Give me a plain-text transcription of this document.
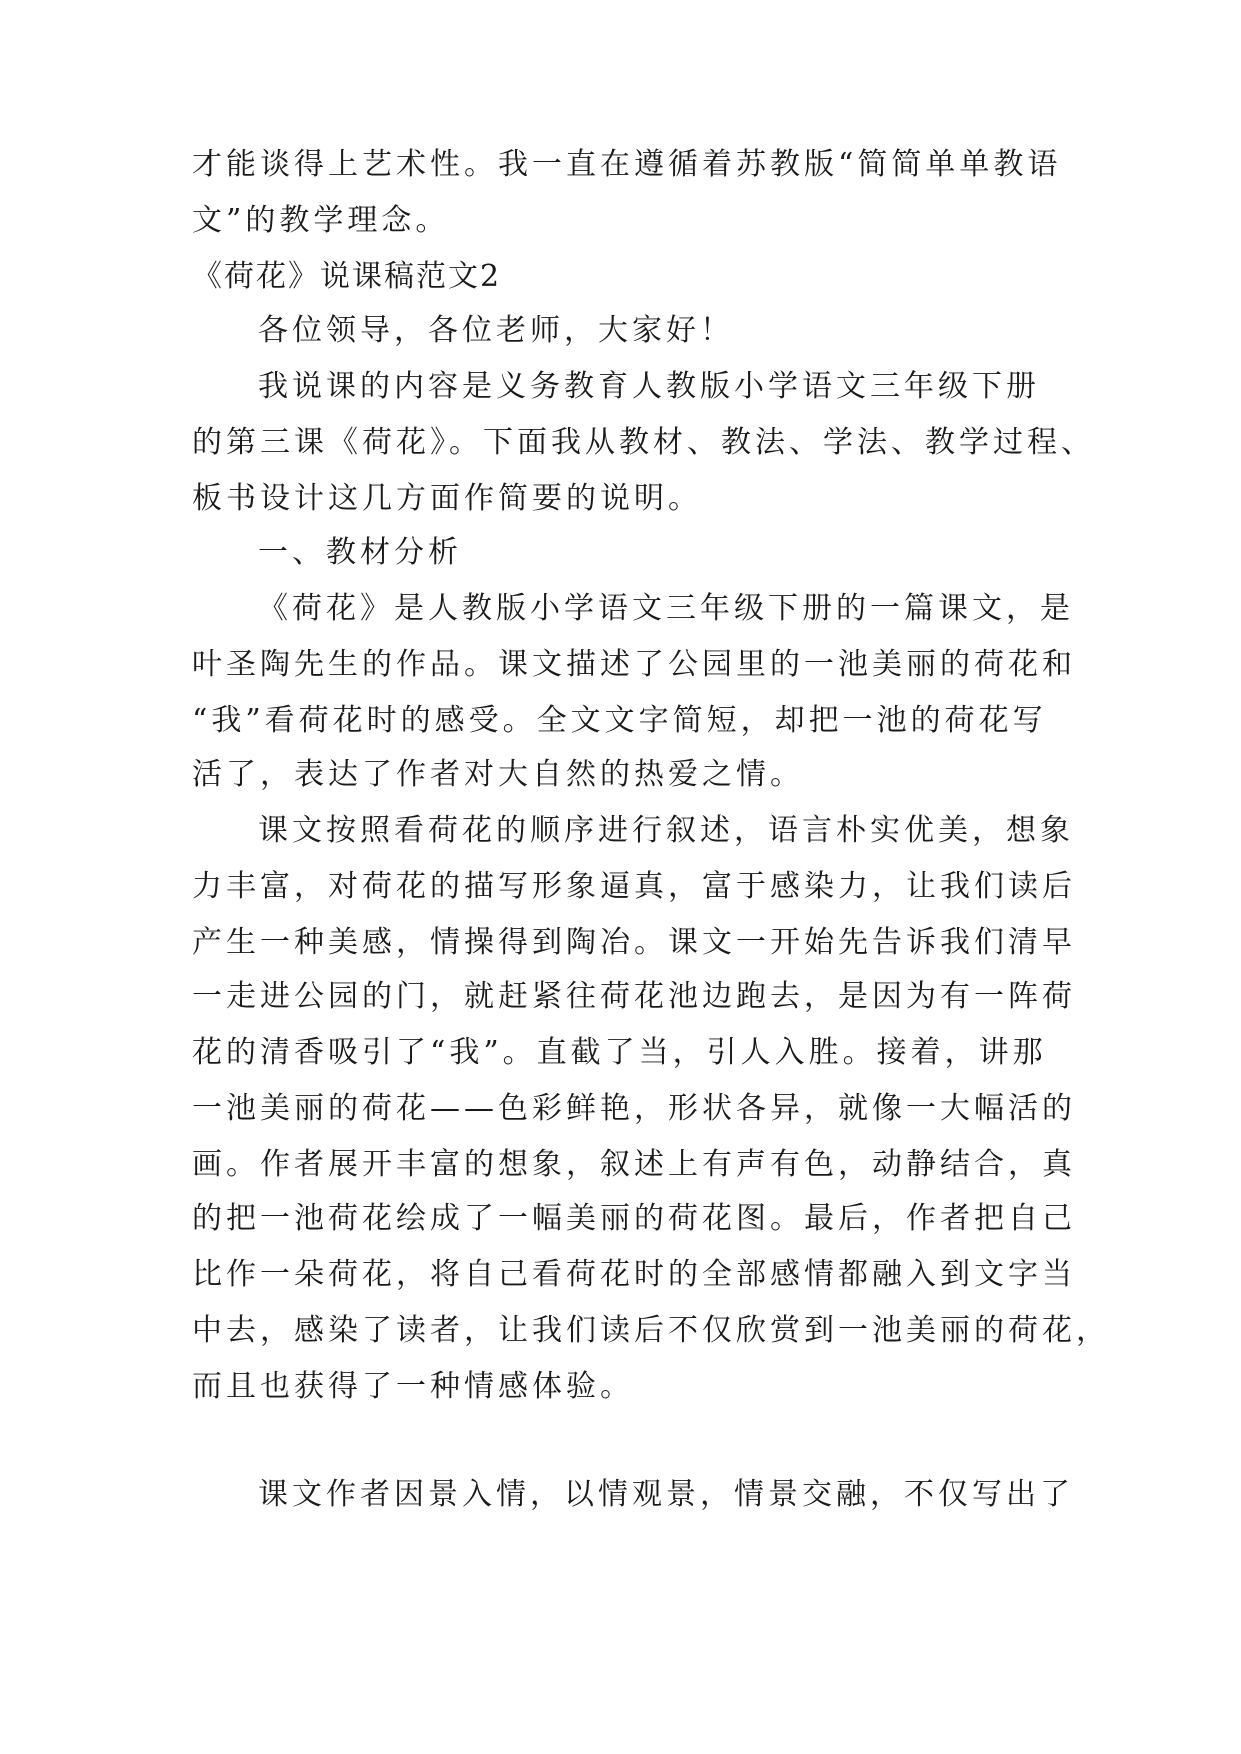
才能谈得上艺术性。我一直在遵循着苏教版“简简单单教语
文”的教学理念。
《荷花》说课稿范文2
各位领导，各位老师，大家好！
我说课的内容是义务教育人教版小学语文三年级下册
的第三课《荷花》。下面我从教材、教法、学法、教学过程、
板书设计这几方面作简要的说明。
一、教材分析
《荷花》是人教版小学语文三年级下册的一篇课文，是
叶圣陶先生的作品。课文描述了公园里的一池美丽的荷花和
“我”看荷花时的感受。全文文字简短，却把一池的荷花写
活了，表达了作者对大自然的热爱之情。
课文按照看荷花的顺序进行叙述，语言朴实优美，想象
力丰富，对荷花的描写形象逼真，富于感染力，让我们读后
产生一种美感，情操得到陶冶。课文一开始先告诉我们清早
一走进公园的门，就赶紧往荷花池边跑去，是因为有一阵荷
花的清香吸引了“我”。直截了当，引人入胜。接着，讲那
一池美丽的荷花——色彩鲜艳，形状各异，就像一大幅活的
画。作者展开丰富的想象，叙述上有声有色，动静结合，真
的把一池荷花绘成了一幅美丽的荷花图。最后，作者把自己
比作一朵荷花，将自己看荷花时的全部感情都融入到文字当
中去，感染了读者，让我们读后不仅欣赏到一池美丽的荷花，
而且也获得了一种情感体验。
课文作者因景入情，以情观景，情景交融，不仅写出了
